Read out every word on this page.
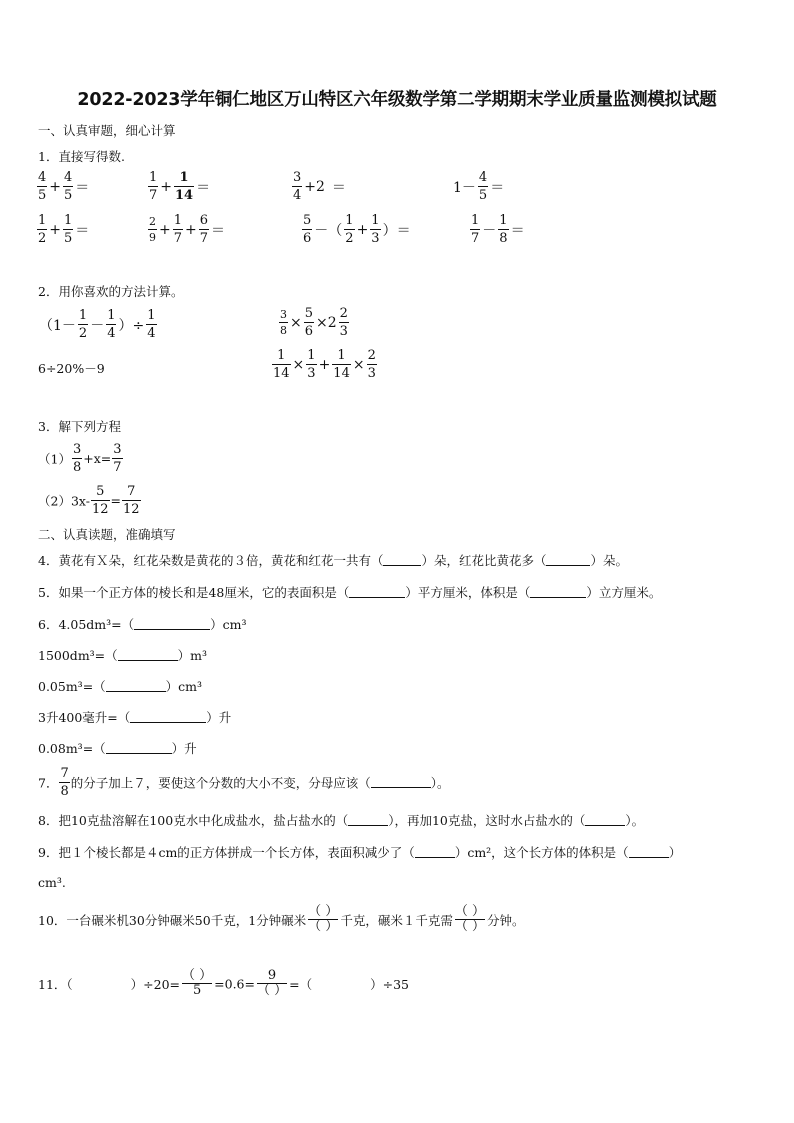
2022-2023学年铜仁地区万山特区六年级数学第二学期期末学业质量监测模拟试题
一、认真审题，细心计算
1．直接写得数.
$\frac{4}{5} + \frac{4}{5}$ ＝	$\frac{1}{7} + \frac{1}{14}$ ＝	$\frac{3}{4} +2$ ＝	$1- \frac{4}{5}$ ＝
$\frac{1}{2} + \frac{1}{5}$ ＝	$\frac{2}{9} + \frac{1}{7} + \frac{6}{7}$ ＝	$\frac{5}{6}$ －（ $\frac{1}{2} + \frac{1}{3}$ ）＝	$\frac{1}{7} - \frac{1}{8}$ ＝
2．用你喜欢的方法计算。
（$1- \frac{1}{2} - \frac{1}{4}$ ）÷ $\frac{1}{4}$	$\frac{3}{8} \times \frac{5}{6} \times 2 \frac{2}{3}$
6÷20%－9	$\frac{1}{14} \times \frac{1}{3} + \frac{1}{14} \times \frac{2}{3}$
3．解下列方程
$(1) \frac{3}{8} +x= \frac{3}{7}$
$(2)3x- \frac{5}{12} = \frac{7}{12}$
二、认真读题，准确填写
4．黄花有Ｘ朵，红花朵数是黄花的３倍，黄花和红花一共有（	）朵，红花比黄花多（	）朵。
5．如果一个正方体的棱长和是48厘米，它的表面积是（	）平方厘米，体积是（	）立方厘米。
6．4.05dm³=（	）cm³
1500dm³=（	）m³
0.05m³=（	）cm³
3升400毫升=（	）升
0.08m³=（	）升
7． $\frac{7}{8}$ 的分子加上７，要使这个分数的大小不变，分母应该（	）。
8．把10克盐溶解在100克水中化成盐水，盐占盐水的（	），再加10克盐，这时水占盐水的（	）。
9．把１个棱长都是４cm的正方体拼成一个长方体，表面积减少了（	）cm²，这个长方体的体积是（	）
cm³.
10．一台碾米机30分钟碾米50千克，1分钟碾米 $\frac{( )}{( )}$ 千克，碾米１千克需 $\frac{( )}{( )}$ 分钟。
11．（	）$\div 20= \frac{( )}{5} =0.6= \frac{9}{( )}$ =（	）÷35
